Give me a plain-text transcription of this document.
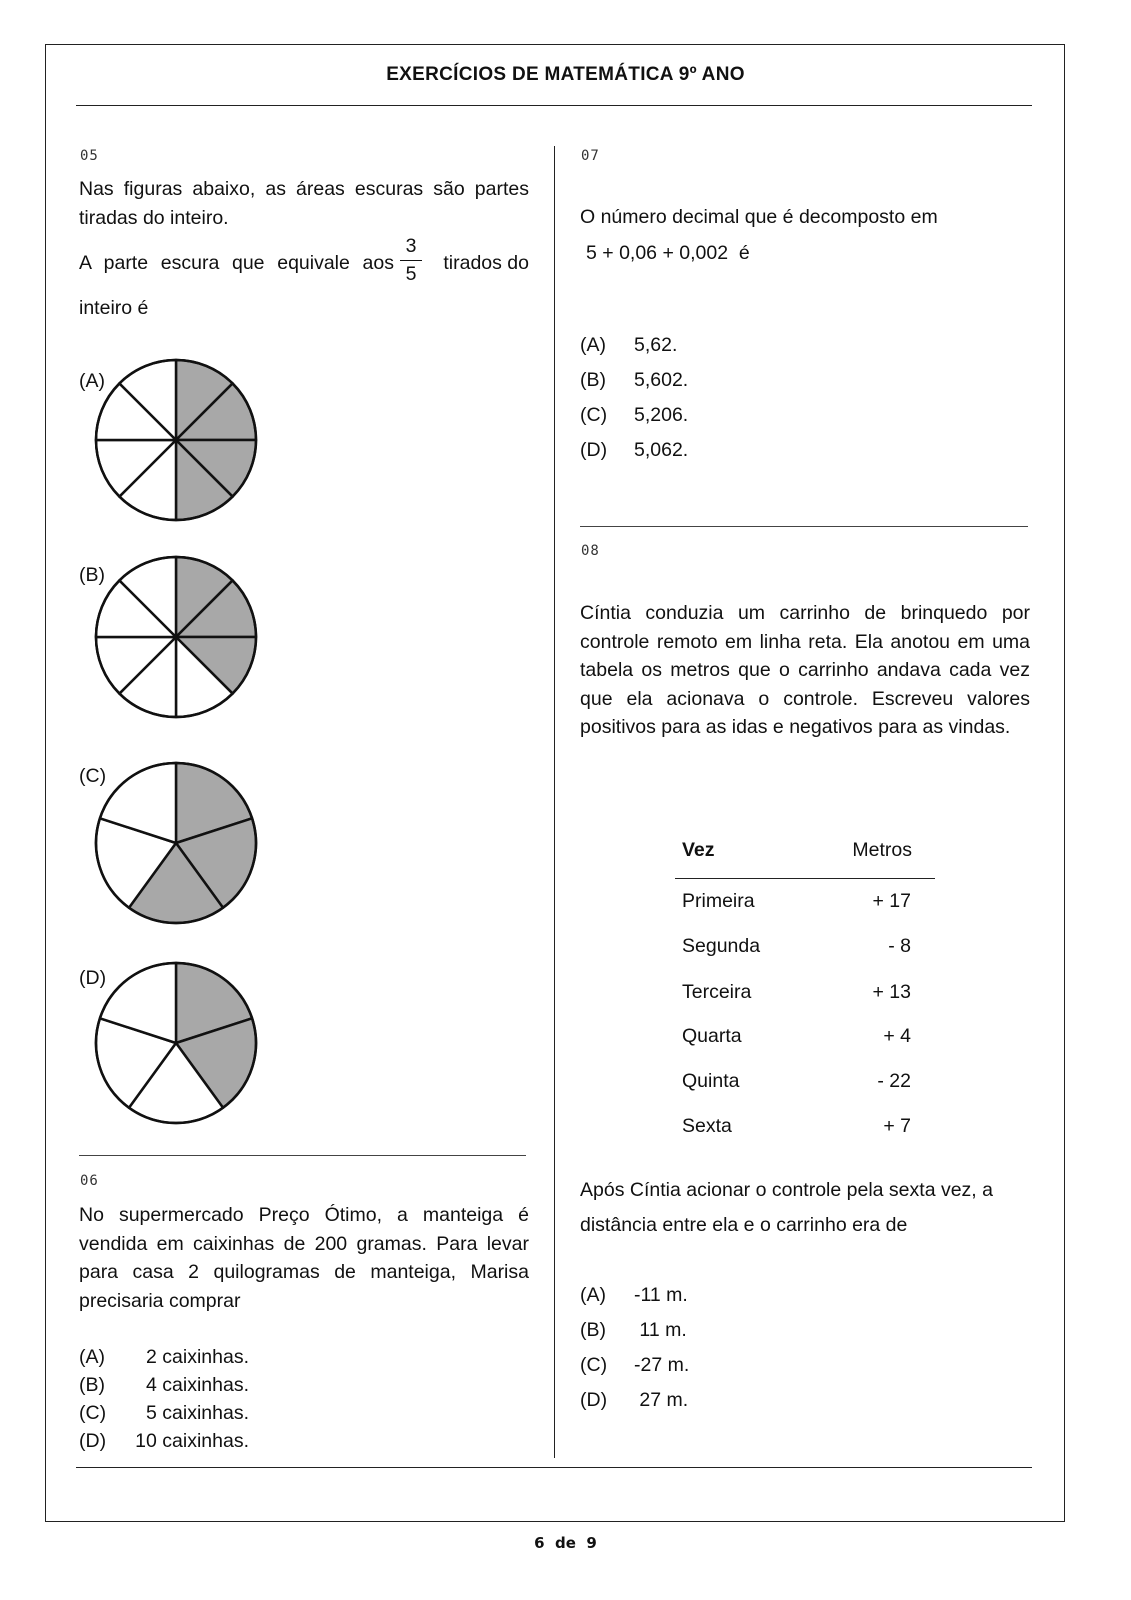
EXERCÍCIOS DE MATEMÁTICA 9º ANO
05
Nas figuras abaixo, as áreas escuras são partes tiradas do inteiro.
A parte escura que equivale aos
3
5	tirados do
inteiro é
(A)
(B)
(C)
(D)
06
No supermercado Preço Ótimo, a manteiga é vendida em caixinhas de 200 gramas. Para levar para casa 2 quilogramas de manteiga, Marisa precisaria comprar
(A) 2 caixinhas.
(B) 4 caixinhas.
(C) 5 caixinhas.
(D) 10 caixinhas.
07
O número decimal que é decomposto em
5 + 0,06 + 0,002  é
(A) 5,62.
(B) 5,602.
(C) 5,206.
(D) 5,062.
08
Cíntia conduzia um carrinho de brinquedo por controle remoto em linha reta. Ela anotou em uma tabela os metros que o carrinho andava cada vez que ela acionava o controle. Escreveu valores positivos para as idas e negativos para as vindas.
Vez	Metros
Primeira	+ 17
Segunda	- 8
Terceira	+ 13
Quarta	+ 4
Quinta	- 22
Sexta	+ 7
Após Cíntia acionar o controle pela sexta vez, a
distância entre ela e o carrinho era de
(A) -11 m.
(B) 11 m.
(C) -27 m.
(D) 27 m.
6  de  9
